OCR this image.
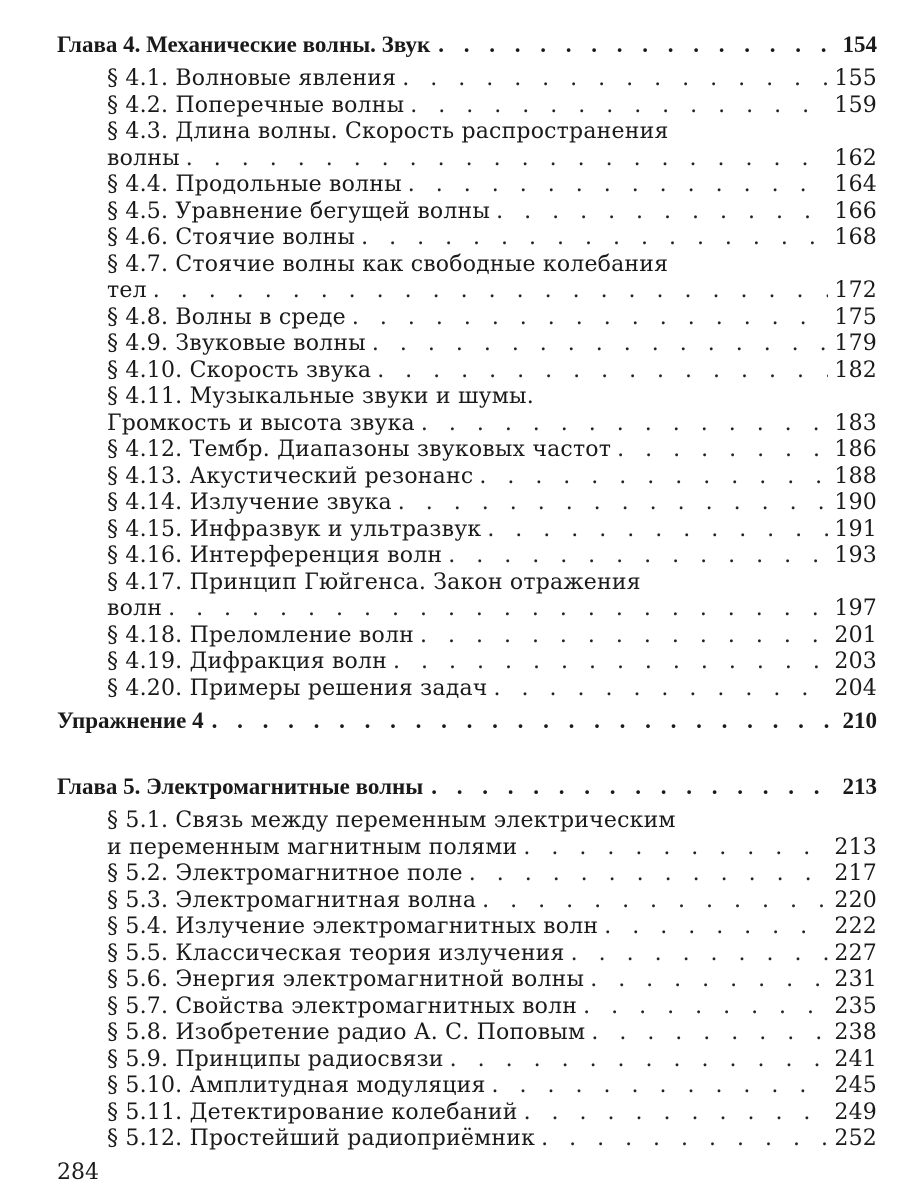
Глава 4. Механические волны. Звук . . .	154
§ 4.1. Волновые явления . . .	155
§ 4.2. Поперечные волны . . .	159
§ 4.3. Длина волны. Скорость распространения
волны . . .	162
§ 4.4. Продольные волны . . .	164
§ 4.5. Уравнение бегущей волны . . .	166
§ 4.6. Стоячие волны . . .	168
§ 4.7. Стоячие волны как свободные колебания
тел . . .	172
§ 4.8. Волны в среде . . .	175
§ 4.9. Звуковые волны . . .	179
§ 4.10. Скорость звука . . .	182
§ 4.11. Музыкальные звуки и шумы.
Громкость и высота звука . . .	183
§ 4.12. Тембр. Диапазоны звуковых частот . . .	186
§ 4.13. Акустический резонанс . . .	188
§ 4.14. Излучение звука . . .	190
§ 4.15. Инфразвук и ультразвук . . .	191
§ 4.16. Интерференция волн . . .	193
§ 4.17. Принцип Гюйгенса. Закон отражения
волн . . .	197
§ 4.18. Преломление волн . . .	201
§ 4.19. Дифракция волн . . .	203
§ 4.20. Примеры решения задач . . .	204
Упражнение 4 . . .	210
Глава 5. Электромагнитные волны . . .	213
§ 5.1. Связь между переменным электрическим
и переменным магнитным полями . . .	213
§ 5.2. Электромагнитное поле . . .	217
§ 5.3. Электромагнитная волна . . .	220
§ 5.4. Излучение электромагнитных волн . . .	222
§ 5.5. Классическая теория излучения . . .	227
§ 5.6. Энергия электромагнитной волны . . .	231
§ 5.7. Свойства электромагнитных волн . . .	235
§ 5.8. Изобретение радио А. С. Поповым . . .	238
§ 5.9. Принципы радиосвязи . . .	241
§ 5.10. Амплитудная модуляция . . .	245
§ 5.11. Детектирование колебаний . . .	249
§ 5.12. Простейший радиоприёмник . . .	252
284
